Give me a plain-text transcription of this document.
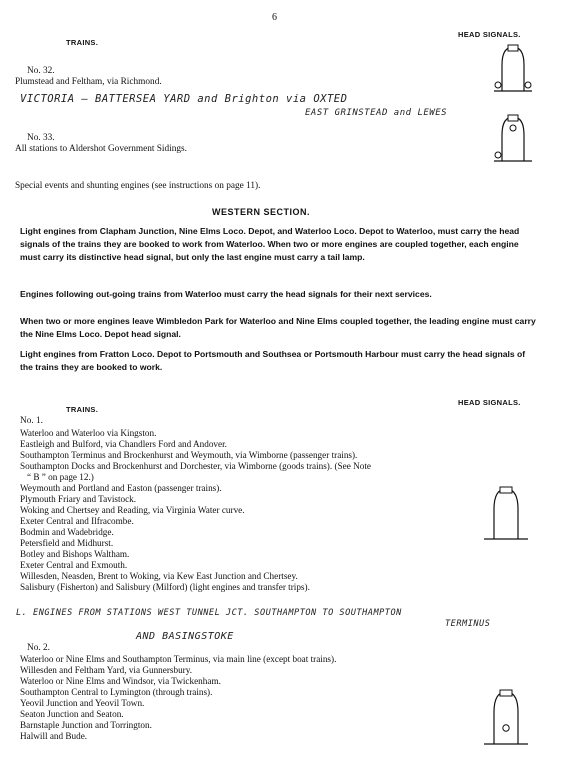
6
TRAINS.
HEAD SIGNALS.
No. 32.
Plumstead and Feltham, via Richmond.
VICTORIA — BATTERSEA YARD and Brighton via OXTED
EAST GRINSTEAD and LEWES
No. 33.
All stations to Aldershot Government Sidings.
Special events and shunting engines (see instructions on page 11).
WESTERN SECTION.
Light engines from Clapham Junction, Nine Elms Loco. Depot, and Waterloo Loco. Depot to Waterloo, must carry the head signals of the trains they are booked to work from Waterloo. When two or more engines are coupled together, each engine must carry its distinctive head signal, but only the last engine must carry a tail lamp.
Engines following out-going trains from Waterloo must carry the head signals for their next services.
When two or more engines leave Wimbledon Park for Waterloo and Nine Elms coupled together, the leading engine must carry the Nine Elms Loco. Depot head signal.
Light engines from Fratton Loco. Depot to Portsmouth and Southsea or Portsmouth Harbour must carry the head signals of the trains they are booked to work.
TRAINS.
HEAD SIGNALS.
No. 1.
Waterloo and Waterloo via Kingston.
Eastleigh and Bulford, via Chandlers Ford and Andover.
Southampton Terminus and Brockenhurst and Weymouth, via Wimborne (passenger trains).
Southampton Docks and Brockenhurst and Dorchester, via Wimborne (goods trains). (See Note
“ B ” on page 12.)
Weymouth and Portland and Easton (passenger trains).
Plymouth Friary and Tavistock.
Woking and Chertsey and Reading, via Virginia Water curve.
Exeter Central and Ilfracombe.
Bodmin and Wadebridge.
Petersfield and Midhurst.
Botley and Bishops Waltham.
Exeter Central and Exmouth.
Willesden, Neasden, Brent to Woking, via Kew East Junction and Chertsey.
Salisbury (Fisherton) and Salisbury (Milford) (light engines and transfer trips).
L. ENGINES FROM STATIONS WEST TUNNEL JCT. SOUTHAMPTON TO SOUTHAMPTON
TERMINUS
AND BASINGSTOKE
No. 2.
Waterloo or Nine Elms and Southampton Terminus, via main line (except boat trains).
Willesden and Feltham Yard, via Gunnersbury.
Waterloo or Nine Elms and Windsor, via Twickenham.
Southampton Central to Lymington (through trains).
Yeovil Junction and Yeovil Town.
Seaton Junction and Seaton.
Barnstaple Junction and Torrington.
Halwill and Bude.
